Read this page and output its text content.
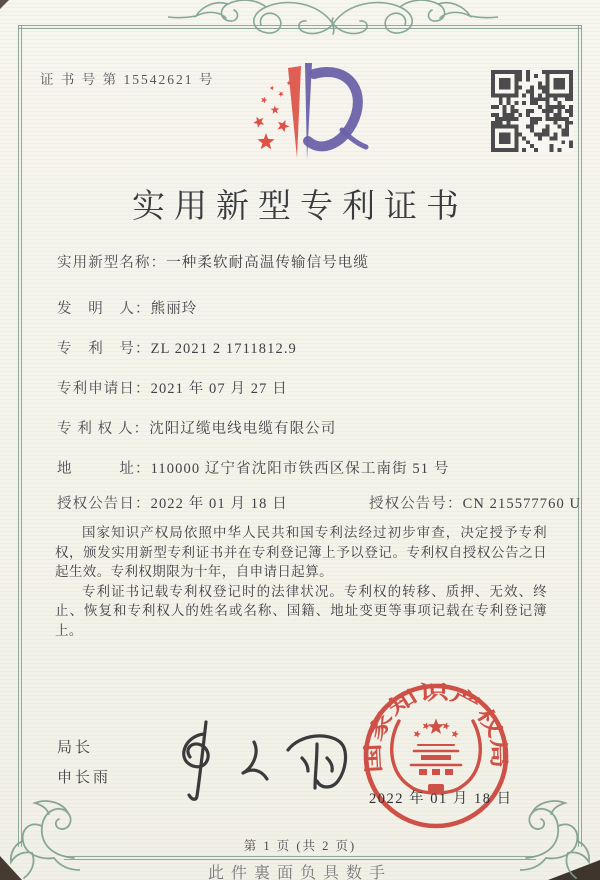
证 书 号 第 15542621 号
实用新型专利证书
实用新型名称：一种柔软耐高温传输信号电缆
发　明　人：熊丽玲
专　利　号：ZL 2021 2 1711812.9
专利申请日：2021 年 07 月 27 日
专 利 权 人：沈阳辽缆电线电缆有限公司
地　　　址：110000 辽宁省沈阳市铁西区保工南街 51 号
授权公告日：2022 年 01 月 18 日	授权公告号：CN 215577760 U

国家知识产权局依照中华人民共和国专利法经过初步审查，决定授予专利权，颁发实用新型专利证书并在专利登记簿上予以登记。专利权自授权公告之日起生效。专利权期限为十年，自申请日起算。

专利证书记载专利权登记时的法律状况。专利权的转移、质押、无效、终止、恢复和专利权人的姓名或名称、国籍、地址变更等事项记载在专利登记簿上。

局长
申长雨
国家知识产权局
2022 年 01 月 18 日
第 1 页 (共 2 页)
此件裏面负具数手
